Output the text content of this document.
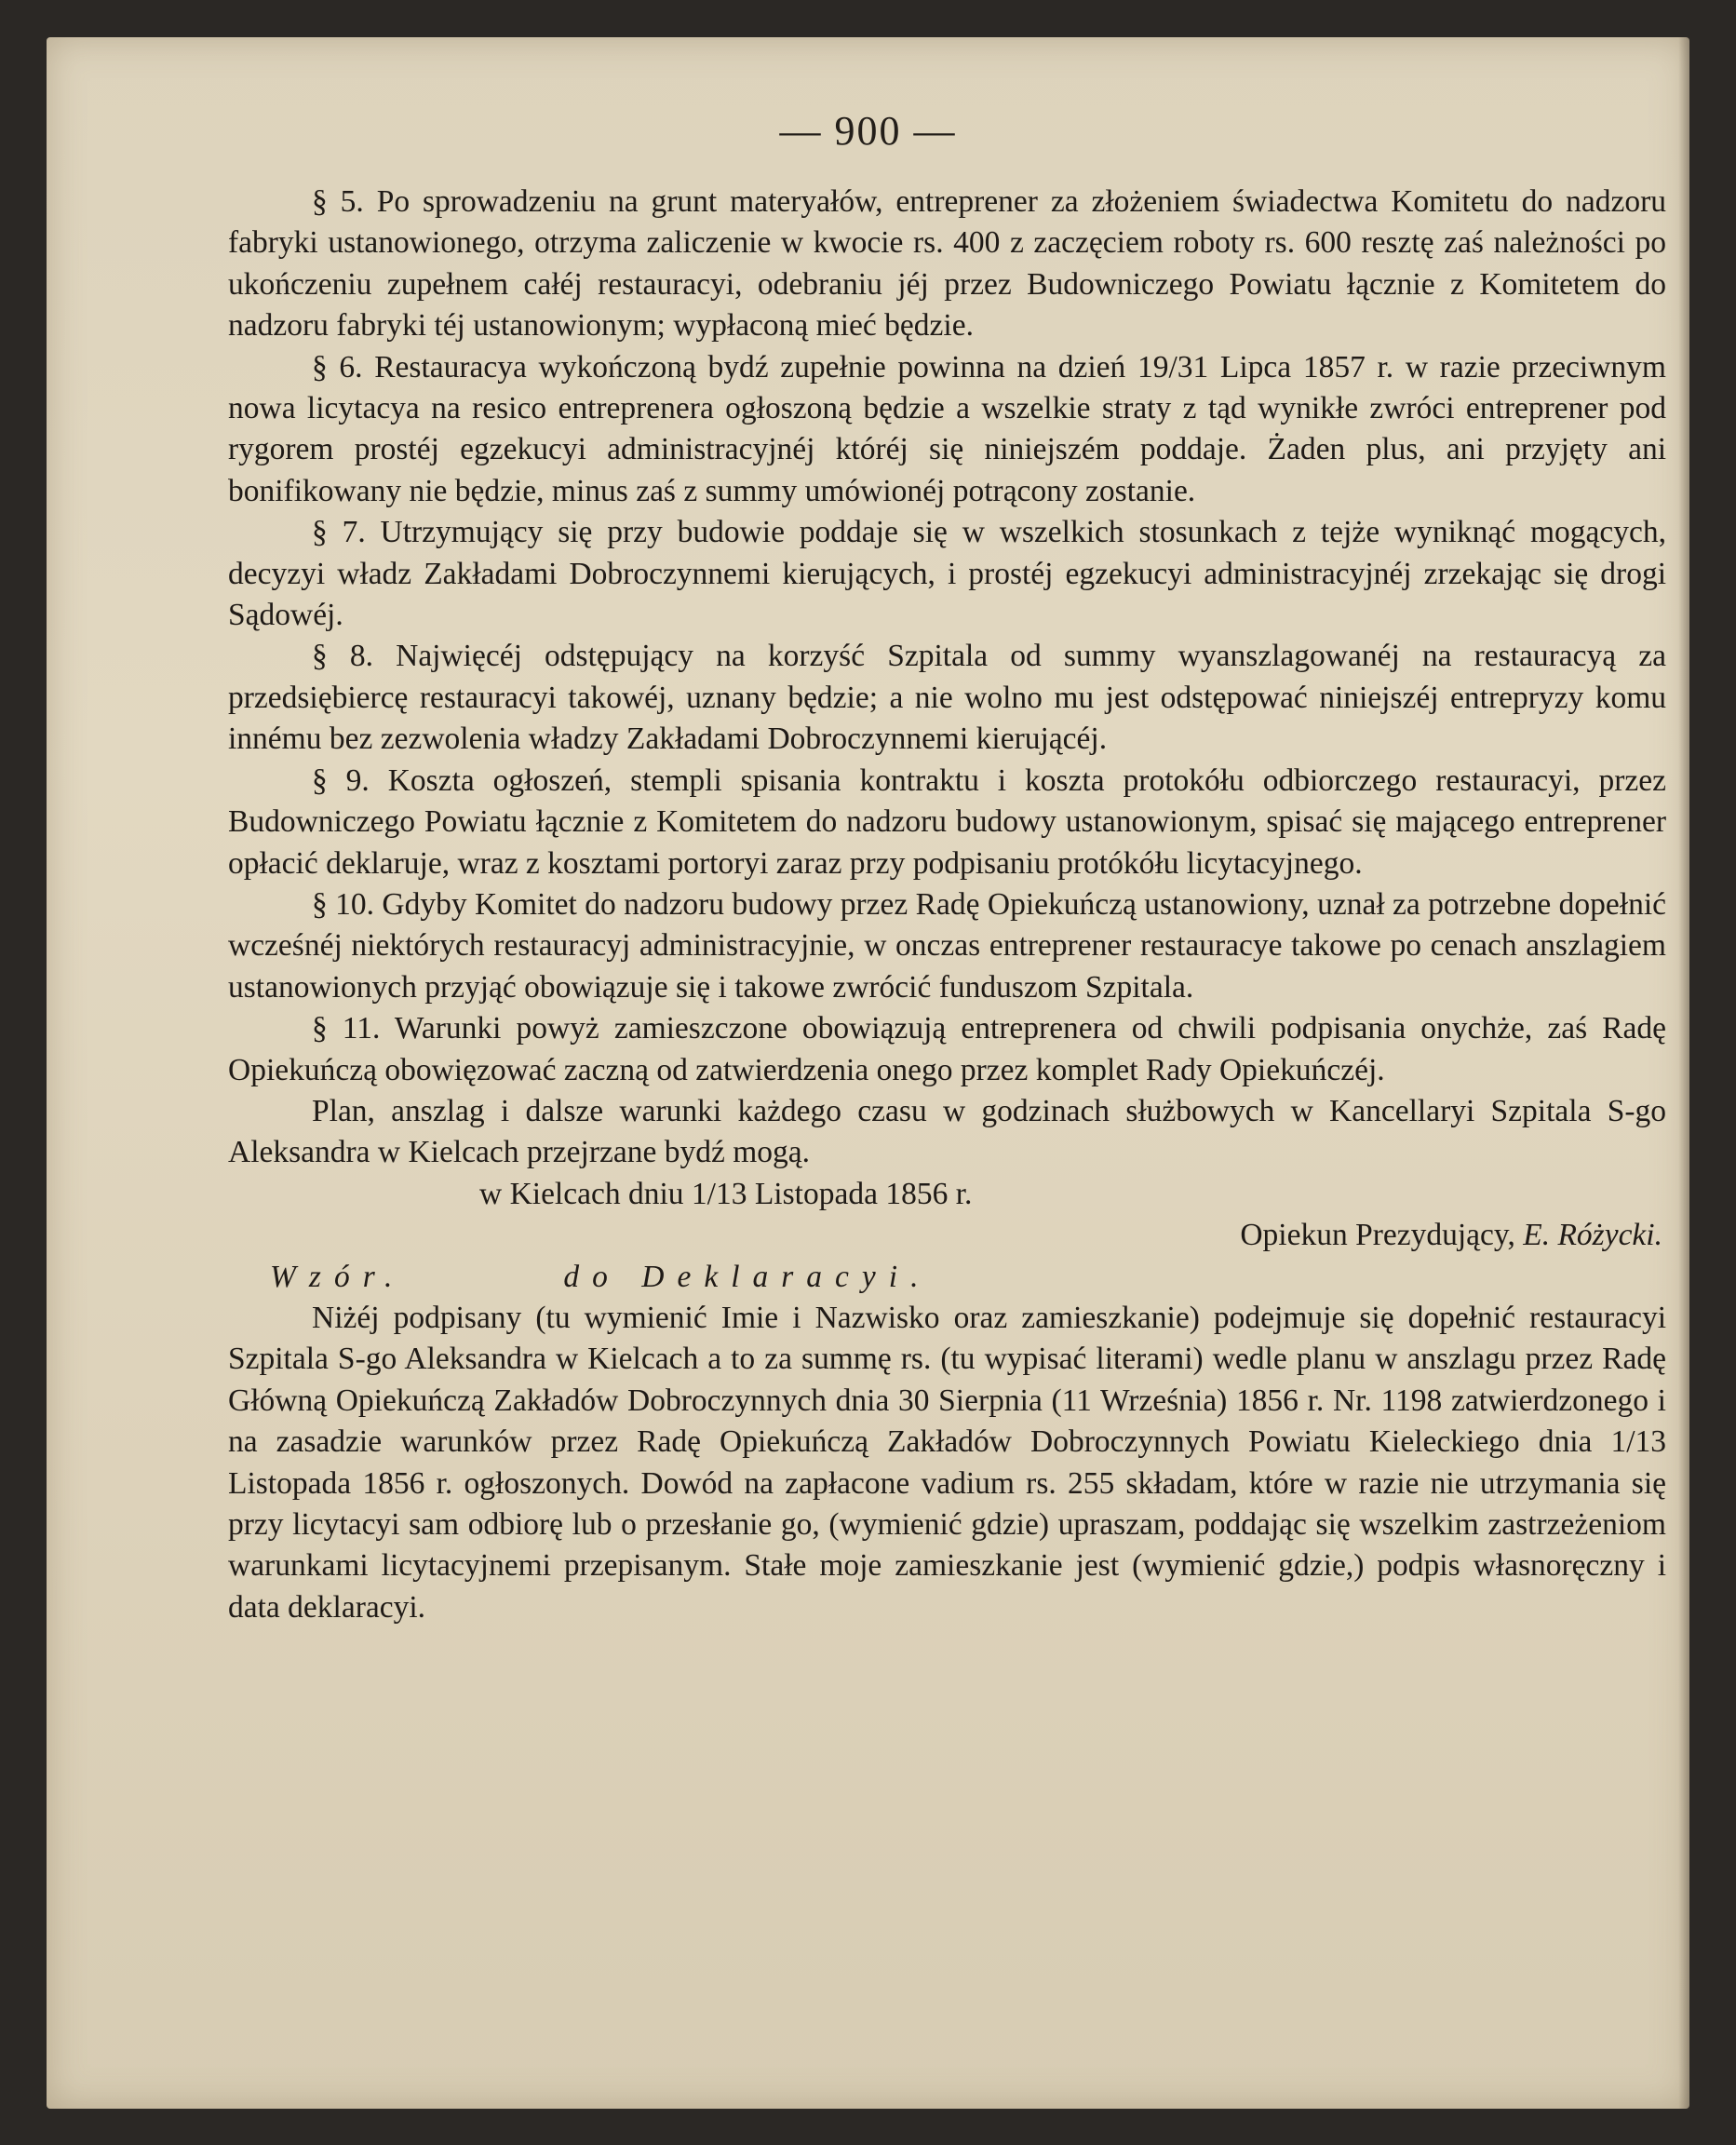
— 900 —

§ 5. Po sprowadzeniu na grunt materyałów, entreprener za złożeniem świadectwa Komitetu do nadzoru fabryki ustanowionego, otrzyma zaliczenie w kwocie rs. 400 z zaczęciem roboty rs. 600 resztę zaś należności po ukończeniu zupełnem całéj restauracyi, odebraniu jéj przez Budowniczego Powiatu łącznie z Komitetem do nadzoru fabryki téj ustanowionym; wypłaconą mieć będzie.

§ 6. Restauracya wykończoną bydź zupełnie powinna na dzień 19/31 Lipca 1857 r. w razie przeciwnym nowa licytacya na resico entreprenera ogłoszoną będzie a wszelkie straty z tąd wynikłe zwróci entreprener pod rygorem prostéj egzekucyi administracyjnéj któréj się niniejszém poddaje. Żaden plus, ani przyjęty ani bonifikowany nie będzie, minus zaś z summy umówionéj potrącony zostanie.

§ 7. Utrzymujący się przy budowie poddaje się w wszelkich stosunkach z tejże wyniknąć mogących, decyzyi władz Zakładami Dobroczynnemi kierujących, i prostéj egzekucyi administracyjnéj zrzekając się drogi Sądowéj.

§ 8. Najwięcéj odstępujący na korzyść Szpitala od summy wyanszlagowanéj na restauracyą za przedsiębiercę restauracyi takowéj, uznany będzie; a nie wolno mu jest odstępować niniejszéj entrepryzy komu innému bez zezwolenia władzy Zakładami Dobroczynnemi kierującéj.

§ 9. Koszta ogłoszeń, stempli spisania kontraktu i koszta protokółu odbiorczego restauracyi, przez Budowniczego Powiatu łącznie z Komitetem do nadzoru budowy ustanowionym, spisać się mającego entreprener opłacić deklaruje, wraz z kosztami portoryi zaraz przy podpisaniu protókółu licytacyjnego.

§ 10. Gdyby Komitet do nadzoru budowy przez Radę Opiekuńczą ustanowiony, uznał za potrzebne dopełnić wcześnéj niektórych restauracyj administracyjnie, w onczas entreprener restauracye takowe po cenach anszlagiem ustanowionych przyjąć obowiązuje się i takowe zwrócić funduszom Szpitala.

§ 11. Warunki powyż zamieszczone obowiązują entreprenera od chwili podpisania onychże, zaś Radę Opiekuńczą obowięzować zaczną od zatwierdzenia onego przez komplet Rady Opiekuńczéj.

Plan, anszlag i dalsze warunki każdego czasu w godzinach służbowych w Kancellaryi Szpitala S-go Aleksandra w Kielcach przejrzane bydź mogą.

w Kielcach dniu 1/13 Listopada 1856 r.

Opiekun Prezydujący, E. Różycki.

Wzór.	do Deklaracyi.

Niżéj podpisany (tu wymienić Imie i Nazwisko oraz zamieszkanie) podejmuje się dopełnić restauracyi Szpitala S-go Aleksandra w Kielcach a to za summę rs. (tu wypisać literami) wedle planu w anszlagu przez Radę Główną Opiekuńczą Zakładów Dobroczynnych dnia 30 Sierpnia (11 Września) 1856 r. Nr. 1198 zatwierdzonego i na zasadzie warunków przez Radę Opiekuńczą Zakładów Dobroczynnych Powiatu Kieleckiego dnia 1/13 Listopada 1856 r. ogłoszonych. Dowód na zapłacone vadium rs. 255 składam, które w razie nie utrzymania się przy licytacyi sam odbiorę lub o przesłanie go, (wymienić gdzie) upraszam, poddając się wszelkim zastrzeżeniom warunkami licytacyjnemi przepisanym. Stałe moje zamieszkanie jest (wymienić gdzie,) podpis własnoręczny i data deklaracyi.
